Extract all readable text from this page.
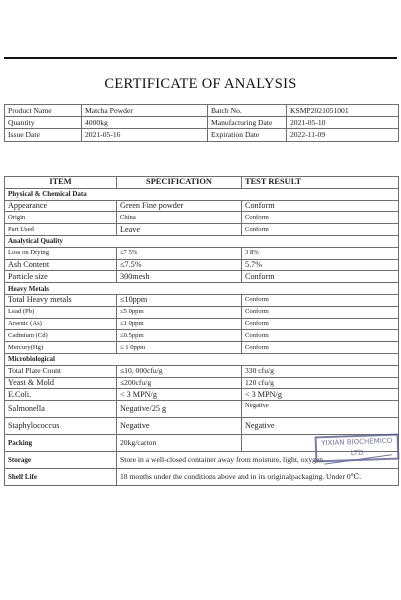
CERTIFICATE OF ANALYSIS
Product Name	Matcha Powder	Batch No.	KSMP2021051001
Quantity	4000kg	Manufacturing Date	2021-05-10
Issue Date	2021-05-16	Expiration Date	2022-11-09
ITEM	SPECIFICATION	TEST RESULT
Physical & Chemical Data		
Appearance	Green Fine powder	Conform
Origin	China	Conform
Part Used	Leave	Conform
Analytical Quality		
Loss on Drying	≤7 5%	3 8%
Ash Content	≤7.5%	5.7%
Particle size	300mesh	Conform
Heavy Metals		
Total Heavy metals	≤10ppm	Conform
Lead (Pb)	≤5 0ppm	Conform
Arsenic (As)	≤1 0ppm	Conform
Cadmium (Cd)	≤0.5ppm	Conform
Mercury(Hg)	≤ 1 0ppm	Conform
Microbiological		
Total Plate Count	≤10, 000cfu/g	330 cfu/g
Yeast & Mold	≤200cfu/g	120 cfu/g
E.Coli.	< 3 MPN/g	< 3 MPN/g
Salmonella	Negative/25 g	Negative
Staphylococcus	Negative	Negative
Packing	20kg/carton	
Storage	Store in a well-closed container away from moisture, light, oxygen.	
Shelf Life	18 months under the conditions above and in its originalpackaging. Under 0℃.	
YIXIAN BIOCHEMICO LTD
